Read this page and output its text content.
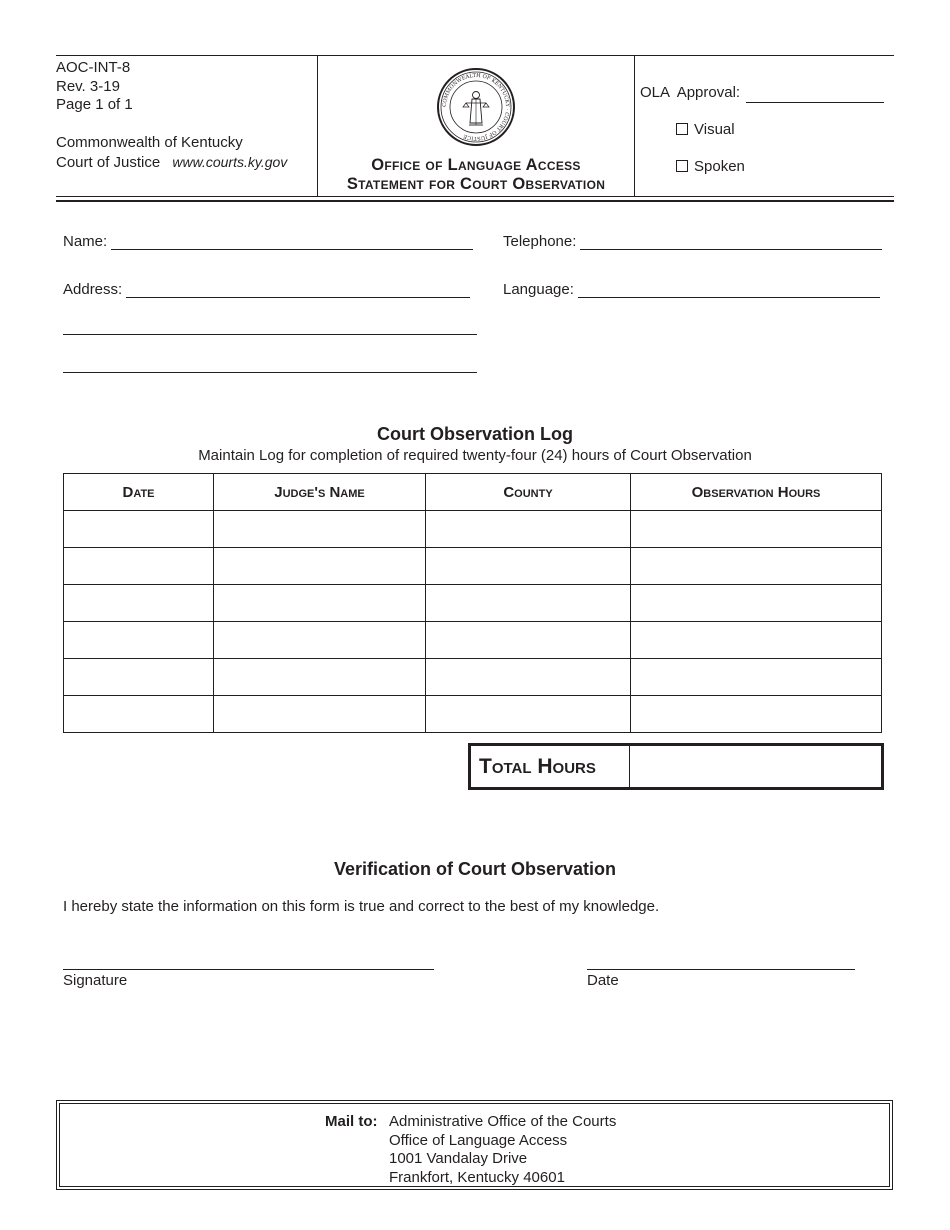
AOC-INT-8
Rev. 3-19
Page 1 of 1
Commonwealth of Kentucky
Court of Justice www.courts.ky.gov
COMMONWEALTH OF KENTUCKY · COURT OF JUSTICE
Office of Language Access
Statement for Court Observation
OLA  Approval:
Visual
Spoken
Name:	Telephone:
Address:	Language:
Court Observation Log
Maintain Log for completion of required twenty-four (24) hours of Court Observation
Date	Judge's Name	County	Observation Hours

Total Hours
Verification of Court Observation
I hereby state the information on this form is true and correct to the best of my knowledge.
Signature	Date
Mail to: Administrative Office of the Courts
Office of Language Access
1001 Vandalay Drive
Frankfort, Kentucky 40601
